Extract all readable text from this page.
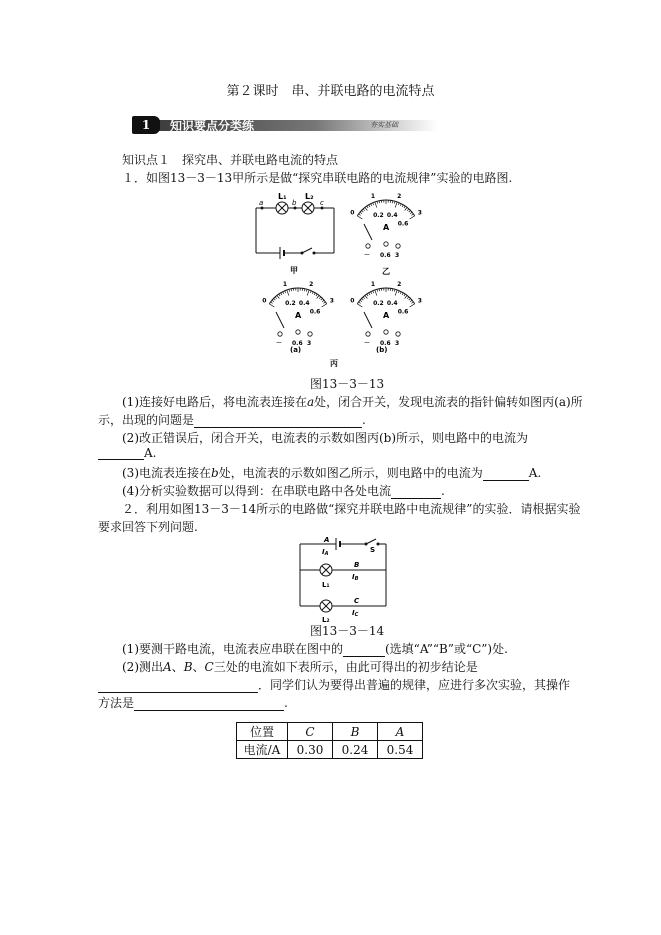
第２课时　串、并联电路的电流特点
1	知识要点分类练	夯实基础
知识点１　探究串、并联电路电流的特点
１．如图13－3－13甲所示是做“探究串联电路的电流规律”实验的电路图.
L₁ L₂
a	b	c
甲
0
1	2
3
0.2 0.4
0.6
A
－ 0.6 3
乙
0
1	2
3
0.2 0.4
0.6
A
－ 0.6 3
(a)
0
1	2
3
0.2 0.4
0.6
A
－ 0.6 3
(b)
丙
图13－3－13
(1)连接好电路后，将电流表连接在a处，闭合开关，发现电流表的指针偏转如图丙(a)所
示，出现的问题是	.
(2)改正错误后，闭合开关，电流表的示数如图丙(b)所示，则电路中的电流为
A.
(3)电流表连接在b处，电流表的示数如图乙所示，则电路中的电流为	A.
(4)分析实验数据可以得到：在串联电路中各处电流	.
２．利用如图13－3－14所示的电路做“探究并联电路中电流规律”的实验．请根据实验
要求回答下列问题.
A
IA	S
B
IB
L₁
C
IC
L₂
图13－3－14
(1)要测干路电流，电流表应串联在图中的	(选填“A”“B”或“C”)处.
(2)测出A、B、C三处的电流如下表所示，由此可得出的初步结论是
．同学们认为要得出普遍的规律，应进行多次实验，其操作
方法是	.
位置	C	B	A
电流/A	0.30	0.24	0.54
